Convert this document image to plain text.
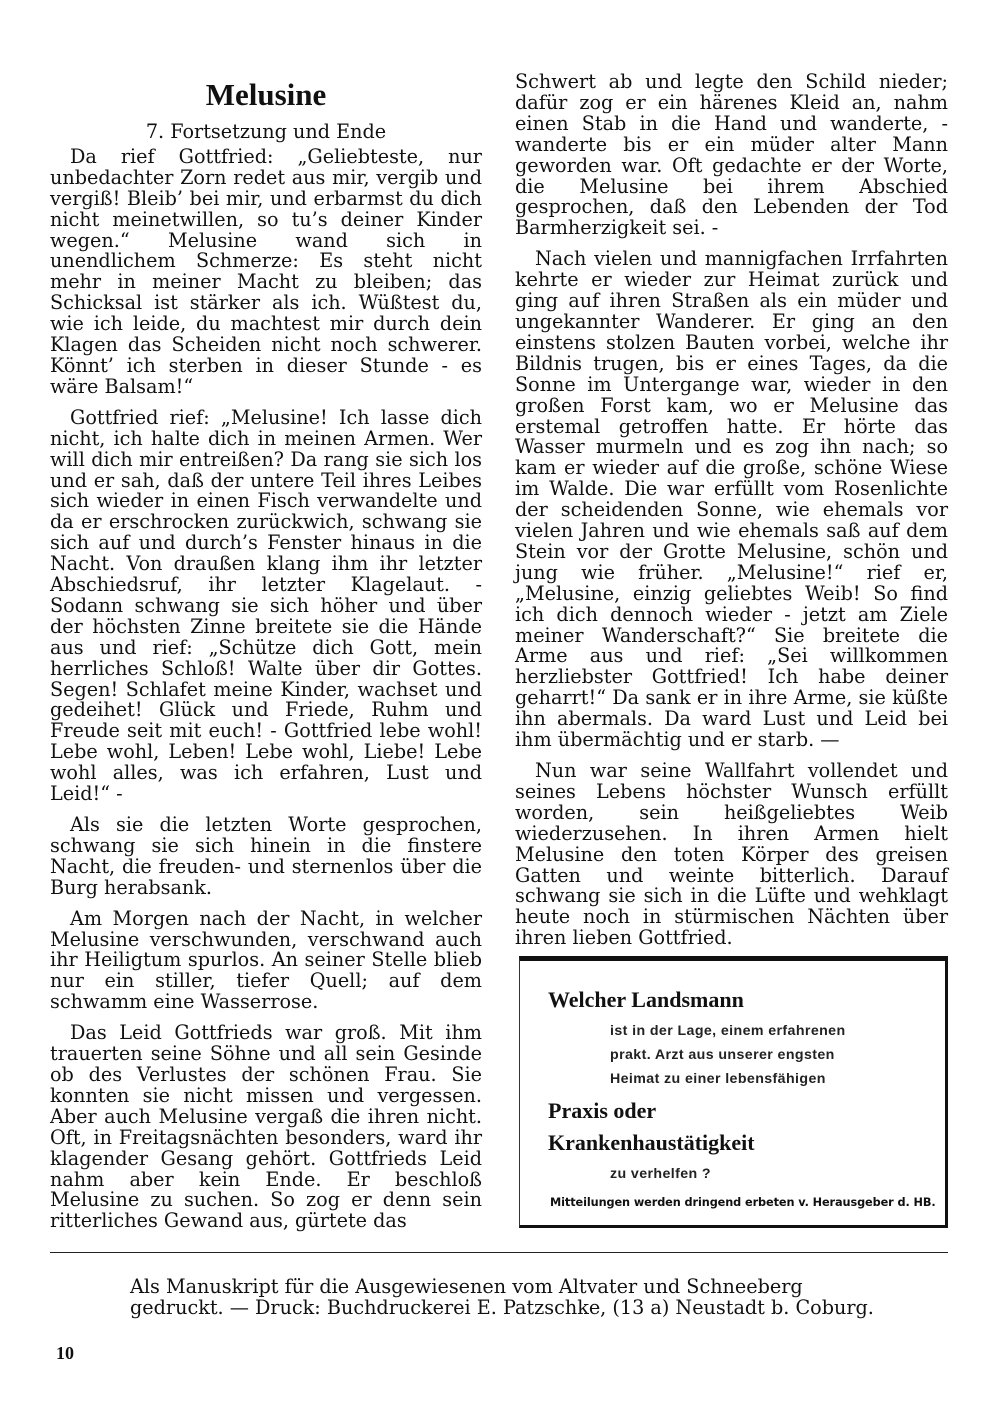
Melusine
7. Fortsetzung und Ende

Da rief Gottfried: „Geliebteste, nur unbedachter Zorn redet aus mir, vergib und vergiß! Bleib’ bei mir, und erbarmst du dich nicht meinetwillen, so tu’s deiner Kinder wegen.“ Melusine wand sich in unendlichem Schmerze: Es steht nicht mehr in meiner Macht zu bleiben; das Schicksal ist stärker als ich. Wüßtest du, wie ich leide, du machtest mir durch dein Klagen das Scheiden nicht noch schwerer. Könnt’ ich sterben in dieser Stunde - es wäre Balsam!“

Gottfried rief: „Melusine! Ich lasse dich nicht, ich halte dich in meinen Armen. Wer will dich mir entreißen? Da rang sie sich los und er sah, daß der untere Teil ihres Leibes sich wieder in einen Fisch verwandelte und da er erschrocken zurückwich, schwang sie sich auf und durch’s Fenster hinaus in die Nacht. Von draußen klang ihm ihr letzter Abschiedsruf, ihr letzter Klagelaut. - Sodann schwang sie sich höher und über der höchsten Zinne breitete sie die Hände aus und rief: „Schütze dich Gott, mein herrliches Schloß! Walte über dir Gottes. Segen! Schlafet meine Kinder, wachset und gedeihet! Glück und Friede, Ruhm und Freude seit mit euch! - Gottfried lebe wohl! Lebe wohl, Leben! Lebe wohl, Liebe! Lebe wohl alles, was ich erfahren, Lust und Leid!“ -

Als sie die letzten Worte gesprochen, schwang sie sich hinein in die finstere Nacht, die freuden- und sternenlos über die Burg herabsank.

Am Morgen nach der Nacht, in welcher Melusine verschwunden, verschwand auch ihr Heiligtum spurlos. An seiner Stelle blieb nur ein stiller, tiefer Quell; auf dem schwamm eine Wasserrose.

Das Leid Gottfrieds war groß. Mit ihm trauerten seine Söhne und all sein Gesinde ob des Verlustes der schönen Frau. Sie konnten sie nicht missen und vergessen. Aber auch Melusine vergaß die ihren nicht. Oft, in Freitagsnächten besonders, ward ihr klagender Gesang gehört. Gottfrieds Leid nahm aber kein Ende. Er beschloß Melusine zu suchen. So zog er denn sein ritterliches Gewand aus, gürtete das

Schwert ab und legte den Schild nieder; dafür zog er ein härenes Kleid an, nahm einen Stab in die Hand und wanderte, - wanderte bis er ein müder alter Mann geworden war. Oft gedachte er der Worte, die Melusine bei ihrem Abschied gesprochen, daß den Lebenden der Tod Barmherzigkeit sei. -

Nach vielen und mannigfachen Irrfahrten kehrte er wieder zur Heimat zurück und ging auf ihren Straßen als ein müder und ungekannter Wanderer. Er ging an den einstens stolzen Bauten vorbei, welche ihr Bildnis trugen, bis er eines Tages, da die Sonne im Untergange war, wieder in den großen Forst kam, wo er Melusine das erstemal getroffen hatte. Er hörte das Wasser murmeln und es zog ihn nach; so kam er wieder auf die große, schöne Wiese im Walde. Die war erfüllt vom Rosenlichte der scheidenden Sonne, wie ehemals vor vielen Jahren und wie ehemals saß auf dem Stein vor der Grotte Melusine, schön und jung wie früher. „Melusine!“ rief er, „Melusine, einzig geliebtes Weib! So find ich dich dennoch wieder - jetzt am Ziele meiner Wanderschaft?“ Sie breitete die Arme aus und rief: „Sei willkommen herzliebster Gottfried! Ich habe deiner geharrt!“ Da sank er in ihre Arme, sie küßte ihn abermals. Da ward Lust und Leid bei ihm übermächtig und er starb. —

Nun war seine Wallfahrt vollendet und seines Lebens höchster Wunsch erfüllt worden, sein heißgeliebtes Weib wiederzusehen. In ihren Armen hielt Melusine den toten Körper des greisen Gatten und weinte bitterlich. Darauf schwang sie sich in die Lüfte und wehklagt heute noch in stürmischen Nächten über ihren lieben Gottfried.

Welcher Landsmann
ist in der Lage, einem erfahrenen
prakt. Arzt aus unserer engsten
Heimat zu einer lebensfähigen
Praxis oder
Krankenhaustätigkeit
zu verhelfen ?
Mitteilungen werden dringend erbeten v. Herausgeber d. HB.
Als Manuskript für die Ausgewiesenen vom Altvater und Schneeberg
gedruckt. — Druck: Buchdruckerei E. Patzschke, (13 a) Neustadt b. Coburg.
10
